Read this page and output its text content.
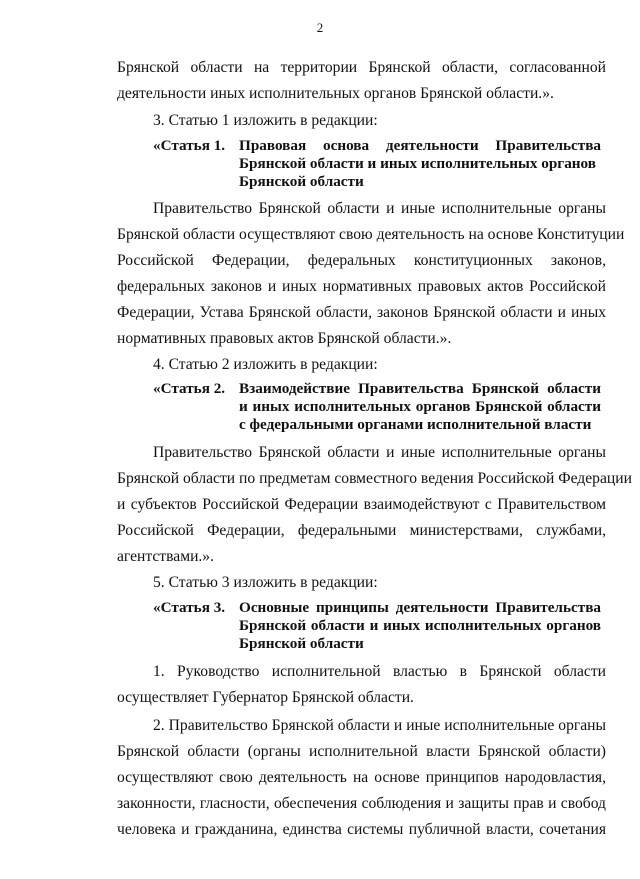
2
Брянской области на территории Брянской области, согласованной
деятельности иных исполнительных органов Брянской области.».
3. Статью 1 изложить в редакции:
«Статья 1. Правовая основа деятельности Правительства
Брянской области и иных исполнительных органов
Брянской области
Правительство Брянской области и иные исполнительные органы
Брянской области осуществляют свою деятельность на основе Конституции
Российской Федерации, федеральных конституционных законов,
федеральных законов и иных нормативных правовых актов Российской
Федерации, Устава Брянской области, законов Брянской области и иных
нормативных правовых актов Брянской области.».
4. Статью 2 изложить в редакции:
«Статья 2. Взаимодействие Правительства Брянской области
и иных исполнительных органов Брянской области
с федеральными органами исполнительной власти
Правительство Брянской области и иные исполнительные органы
Брянской области по предметам совместного ведения Российской Федерации
и субъектов Российской Федерации взаимодействуют с Правительством
Российской Федерации, федеральными министерствами, службами,
агентствами.».
5. Статью 3 изложить в редакции:
«Статья 3. Основные принципы деятельности Правительства
Брянской области и иных исполнительных органов
Брянской области
1. Руководство исполнительной властью в Брянской области
осуществляет Губернатор Брянской области.
2. Правительство Брянской области и иные исполнительные органы
Брянской области (органы исполнительной власти Брянской области)
осуществляют свою деятельность на основе принципов народовластия,
законности, гласности, обеспечения соблюдения и защиты прав и свобод
человека и гражданина, единства системы публичной власти, сочетания
